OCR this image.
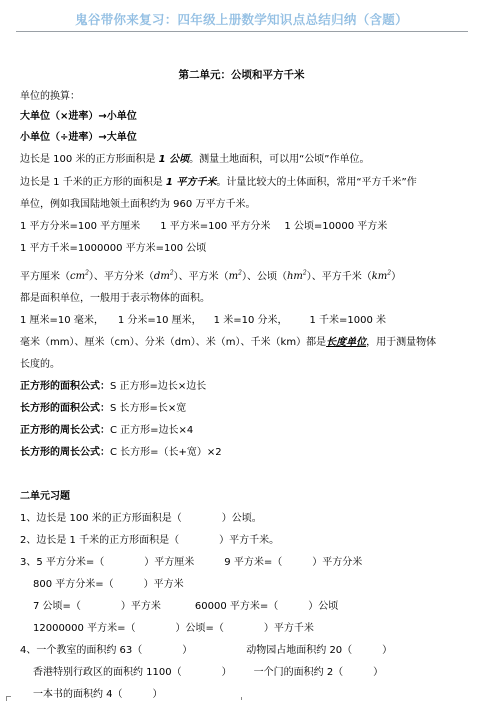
鬼谷带你来复习：四年级上册数学知识点总结归纳（含题）
第二单元：公顷和平方千米
单位的换算：
大单位（×进率）→小单位
小单位（÷进率）→大单位
边长是 100 米的正方形面积是 1 公顷。测量土地面积，可以用“公顷”作单位。
边长是 1 千米的正方形的面积是 1 平方千米。计量比较大的土体面积，常用“平方千米”作
单位，例如我国陆地领土面积约为 960 万平方千米。
1 平方分米=100 平方厘米 1 平方米=100 平方分米 1 公顷=10000 平方米
1 平方千米=1000000 平方米=100 公顷
平方厘米$(cm^2)$、平方分米$(dm^2)$、平方米$(m^2)$、公顷$(hm^2)$、平方千米$(km^2)$
都是面积单位，一般用于表示物体的面积。
1 厘米=10 毫米， 1 分米=10 厘米， 1 米=10 分米， 1 千米=1000 米
毫米（mm）、厘米（cm）、分米（dm）、米（m）、千米（km）都是长度单位，用于测量物体
长度的。
正方形的面积公式：S 正方形=边长×边长
长方形的面积公式：S 长方形=长×宽
正方形的周长公式：C 正方形=边长×4
长方形的周长公式：C 长方形=（长+宽）×2
二单元习题
1、边长是 100 米的正方形面积是（　　　　）公顷。
2、边长是 1 千米的正方形面积是（　　　　）平方千米。
3、5 平方分米=（　　　　）平方厘米	9 平方米=（　　　）平方分米
800 平方分米=（　　　）平方米
7 公顷=（　　　　）平方米	60000 平方米=（　　　）公顷
12000000 平方米=（　　　　）公顷=（　　　　）平方千米
4、一个教室的面积约 63（　　　　）	动物园占地面积约 20（　　　）
香港特别行政区的面积约 1100（　　　　） 一个门的面积约 2（　　　）
一本书的面积约 4（　　　）
